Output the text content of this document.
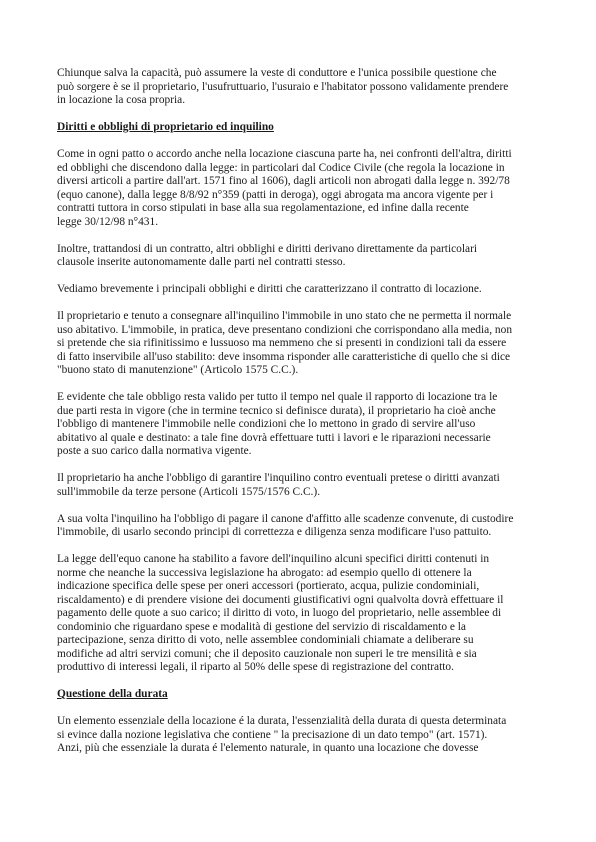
Chiunque salva la capacità, può assumere la veste di conduttore e l'unica possibile questione che
può sorgere è se il proprietario, l'usufruttuario, l'usuraio e l'habitator possono validamente prendere
in locazione la cosa propria.

Diritti e obblighi di proprietario ed inquilino

Come in ogni patto o accordo anche nella locazione ciascuna parte ha, nei confronti dell'altra, diritti
ed obblighi che discendono dalla legge: in particolari dal Codice Civile (che regola la locazione in
diversi articoli a partire dall'art. 1571 fino al 1606), dagli articoli non abrogati dalla legge n. 392/78
(equo canone), dalla legge 8/8/92 n°359 (patti in deroga), oggi abrogata ma ancora vigente per i
contratti tuttora in corso stipulati in base alla sua regolamentazione, ed infine dalla recente
legge 30/12/98 n°431.

Inoltre, trattandosi di un contratto, altri obblighi e diritti derivano direttamente da particolari
clausole inserite autonomamente dalle parti nel contratti stesso.

Vediamo brevemente i principali obblighi e diritti che caratterizzano il contratto di locazione.

Il proprietario e tenuto a consegnare all'inquilino l'immobile in uno stato che ne permetta il normale
uso abitativo. L'immobile, in pratica, deve presentano condizioni che corrispondano alla media, non
si pretende che sia rifinitissimo e lussuoso ma nemmeno che si presenti in condizioni tali da essere
di fatto inservibile all'uso stabilito: deve insomma risponder alle caratteristiche di quello che si dice
"buono stato di manutenzione" (Articolo 1575 C.C.).

E evidente che tale obbligo resta valido per tutto il tempo nel quale il rapporto di locazione tra le
due parti resta in vigore (che in termine tecnico si definisce durata), il proprietario ha cioè anche
l'obbligo di mantenere l'immobile nelle condizioni che lo mettono in grado di servire all'uso
abitativo al quale e destinato: a tale fine dovrà effettuare tutti i lavori e le riparazioni necessarie
poste a suo carico dalla normativa vigente.

Il proprietario ha anche l'obbligo di garantire l'inquilino contro eventuali pretese o diritti avanzati
sull'immobile da terze persone (Articoli 1575/1576 C.C.).

A sua volta l'inquilino ha l'obbligo di pagare il canone d'affitto alle scadenze convenute, di custodire
l'immobile, di usarlo secondo principi di correttezza e diligenza senza modificare l'uso pattuito.

La legge dell'equo canone ha stabilito a favore dell'inquilino alcuni specifici diritti contenuti in
norme che neanche la successiva legislazione ha abrogato: ad esempio quello di ottenere la
indicazione specifica delle spese per oneri accessori (portierato, acqua, pulizie condominiali,
riscaldamento) e di prendere visione dei documenti giustificativi ogni qualvolta dovrà effettuare il
pagamento delle quote a suo carico; il diritto di voto, in luogo del proprietario, nelle assemblee di
condominio che riguardano spese e modalità di gestione del servizio di riscaldamento e la
partecipazione, senza diritto di voto, nelle assemblee condominiali chiamate a deliberare su
modifiche ad altri servizi comuni; che il deposito cauzionale non superi le tre mensilità e sia
produttivo di interessi legali, il riparto al 50% delle spese di registrazione del contratto.

Questione della durata

Un elemento essenziale della locazione é la durata, l'essenzialità della durata di questa determinata
si evince dalla nozione legislativa che contiene " la precisazione di un dato tempo" (art. 1571).
Anzi, più che essenziale la durata é l'elemento naturale, in quanto una locazione che dovesse
